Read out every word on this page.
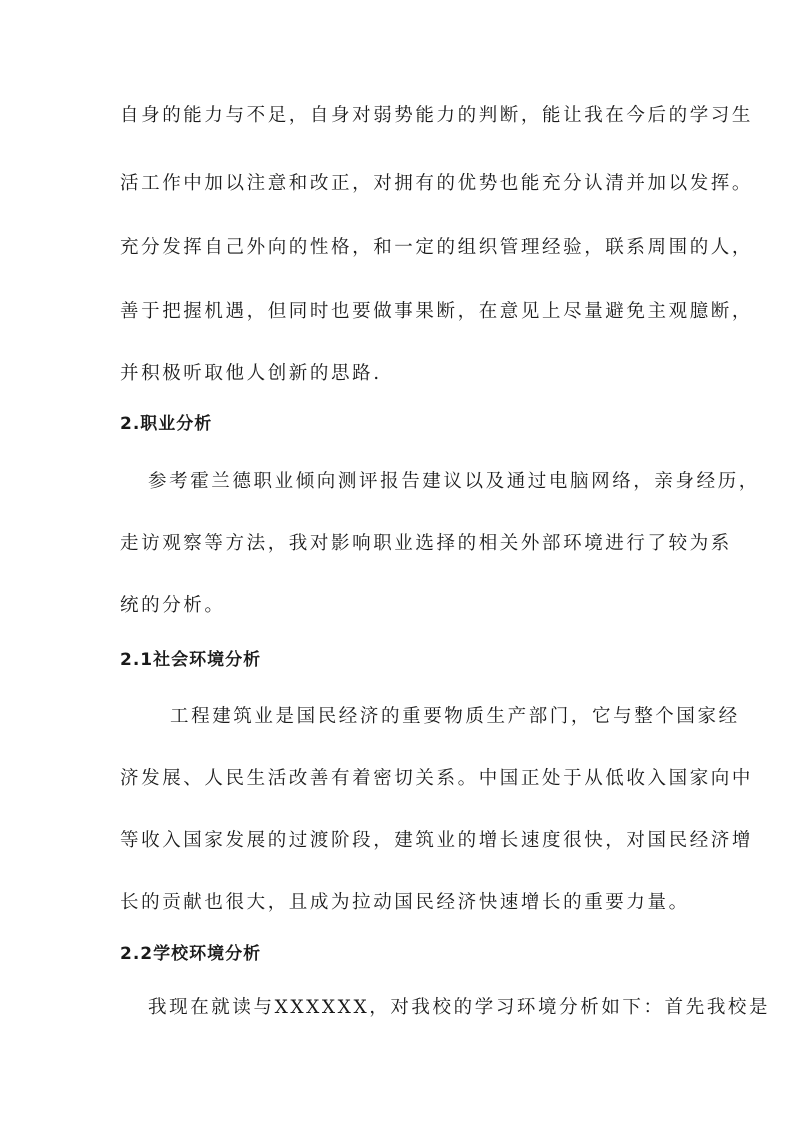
自身的能力与不足，自身对弱势能力的判断，能让我在今后的学习生
活工作中加以注意和改正，对拥有的优势也能充分认清并加以发挥。
充分发挥自己外向的性格，和一定的组织管理经验，联系周围的人，
善于把握机遇，但同时也要做事果断，在意见上尽量避免主观臆断，
并积极听取他人创新的思路.
2.职业分析
参考霍兰德职业倾向测评报告建议以及通过电脑网络，亲身经历，
走访观察等方法，我对影响职业选择的相关外部环境进行了较为系
统的分析。
2.1社会环境分析
工程建筑业是国民经济的重要物质生产部门，它与整个国家经
济发展、人民生活改善有着密切关系。中国正处于从低收入国家向中
等收入国家发展的过渡阶段，建筑业的增长速度很快，对国民经济增
长的贡献也很大，且成为拉动国民经济快速增长的重要力量。
2.2学校环境分析
我现在就读与XXXXXX，对我校的学习环境分析如下：首先我校是
